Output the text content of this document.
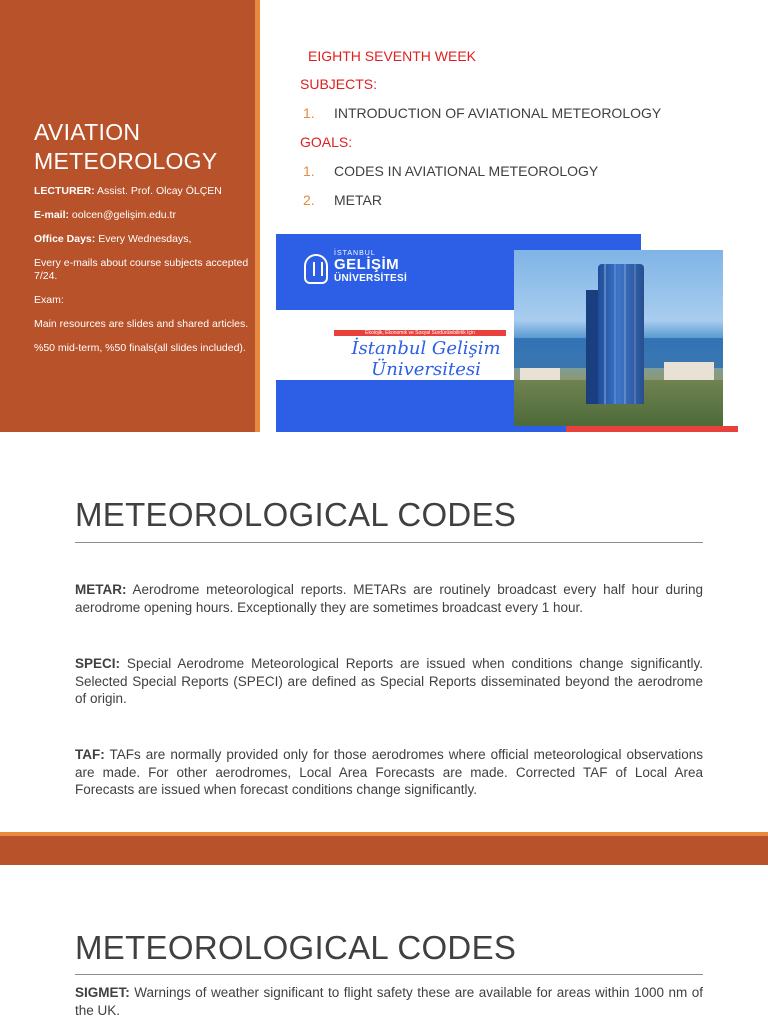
AVIATION METEOROLOGY

LECTURER: Assist. Prof. Olcay ÖLÇEN

E-mail: oolcen@gelişim.edu.tr

Office Days: Every Wednesdays,

Every e-mails about course subjects accepted 7/24.

Exam:

Main resources are slides and shared articles.

%50 mid-term, %50 finals(all slides included).

EIGHTH SEVENTH WEEK
SUBJECTS:
1. INTRODUCTION OF AVIATIONAL METEOROLOGY
GOALS:
1. CODES IN AVIATIONAL METEOROLOGY
2. METAR
İSTANBUL
GELİŞİM
ÜNİVERSİTESİ
Ekolojik, Ekonomik ve Sosyal Sürdürülebilirlik İçin
İstanbul Gelişim Üniversitesi
METEOROLOGICAL CODES

METAR: Aerodrome meteorological reports. METARs are routinely broadcast every half hour during aerodrome opening hours. Exceptionally they are sometimes broadcast every 1 hour.

SPECI: Special Aerodrome Meteorological Reports are issued when conditions change significantly. Selected Special Reports (SPECI) are defined as Special Reports disseminated beyond the aerodrome of origin.

TAF: TAFs are normally provided only for those aerodromes where official meteorological observations are made. For other aerodromes, Local Area Forecasts are made. Corrected TAF of Local Area Forecasts are issued when forecast conditions change significantly.

METEOROLOGICAL CODES

SIGMET: Warnings of weather significant to flight safety these are available for areas within 1000 nm of the UK.
